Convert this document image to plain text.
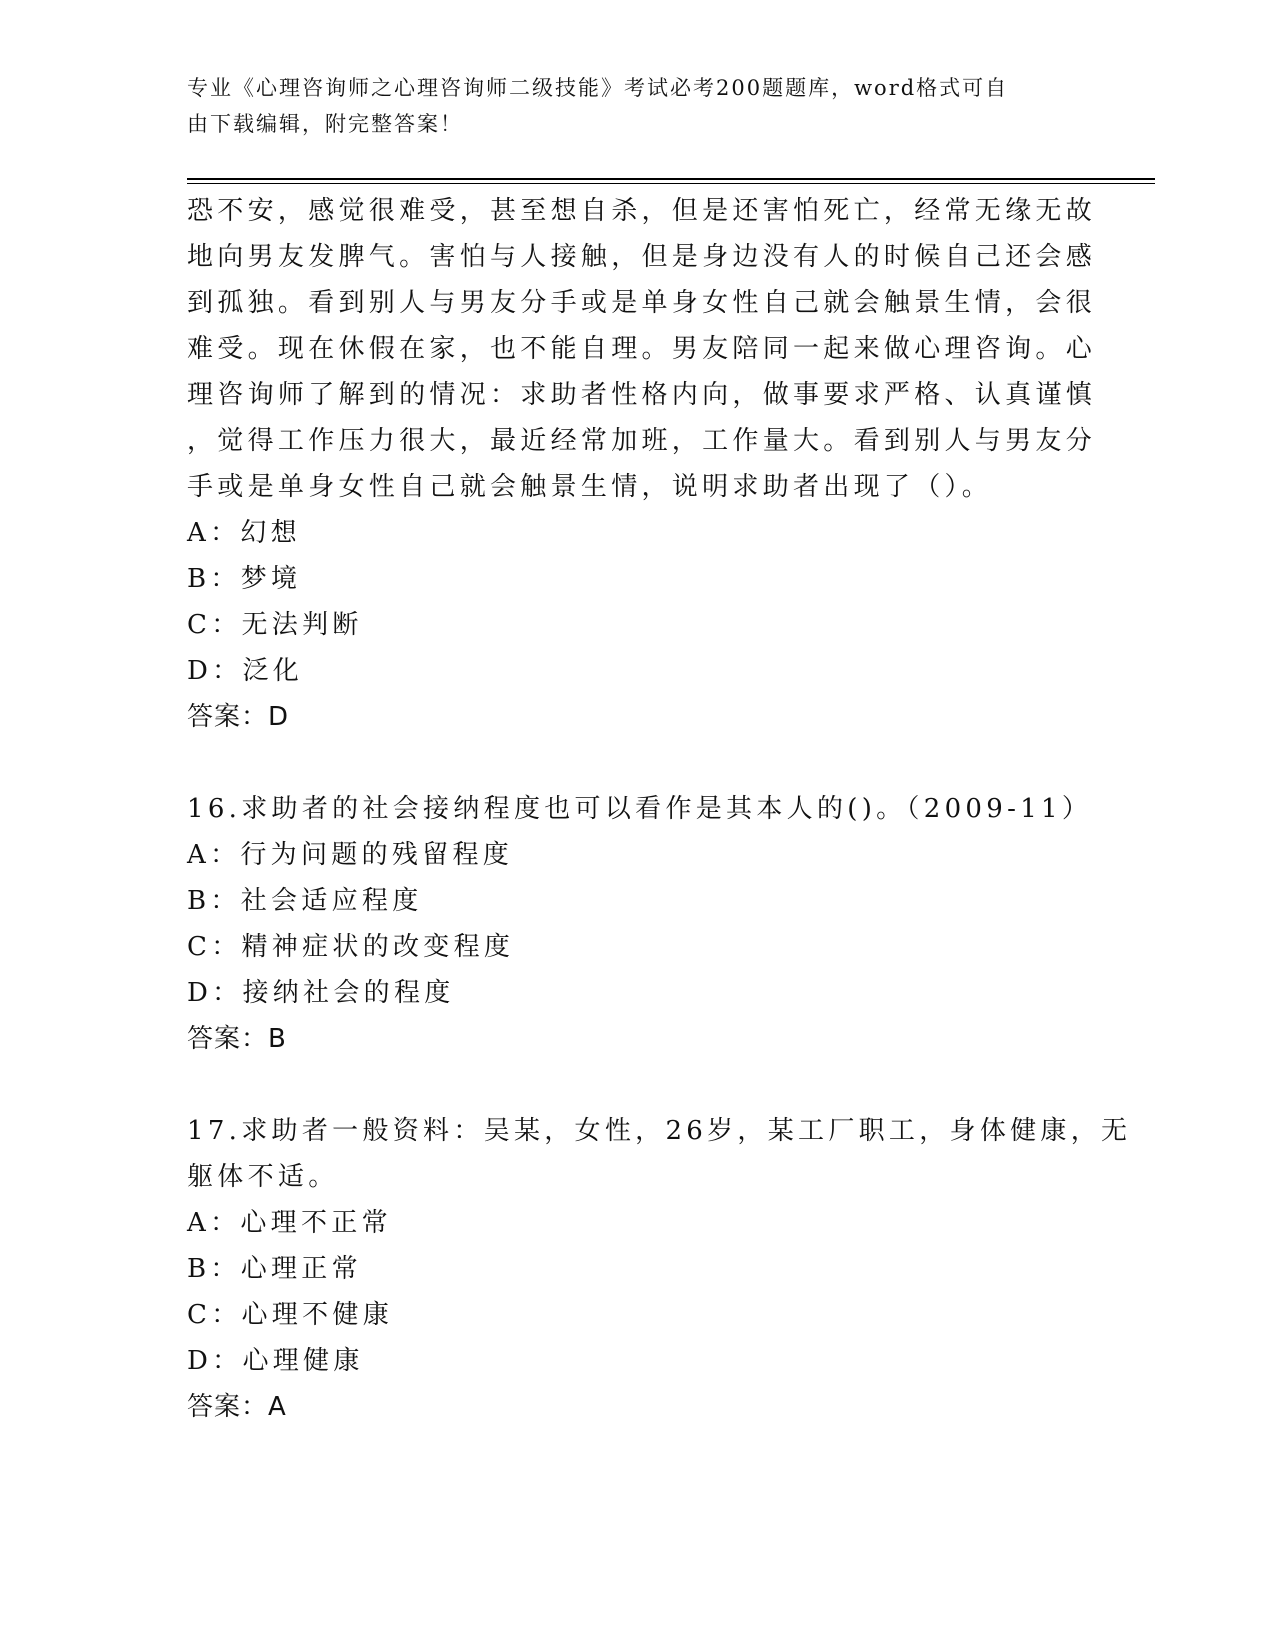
专业《心理咨询师之心理咨询师二级技能》考试必考200题题库，word格式可自
由下载编辑，附完整答案！
恐不安，感觉很难受，甚至想自杀，但是还害怕死亡，经常无缘无故
地向男友发脾气。害怕与人接触，但是身边没有人的时候自己还会感
到孤独。看到别人与男友分手或是单身女性自己就会触景生情，会很
难受。现在休假在家，也不能自理。男友陪同一起来做心理咨询。心
理咨询师了解到的情况：求助者性格内向，做事要求严格、认真谨慎
，觉得工作压力很大，最近经常加班，工作量大。看到别人与男友分
手或是单身女性自己就会触景生情，说明求助者出现了（）。
A：幻想
B：梦境
C：无法判断
D：泛化
答案：D
16.求助者的社会接纳程度也可以看作是其本人的()。（2009-11）
A：行为问题的残留程度
B：社会适应程度
C：精神症状的改变程度
D：接纳社会的程度
答案：B
17.求助者一般资料：吴某，女性，26岁，某工厂职工，身体健康，无
躯体不适。
A：心理不正常
B：心理正常
C：心理不健康
D：心理健康
答案：A
